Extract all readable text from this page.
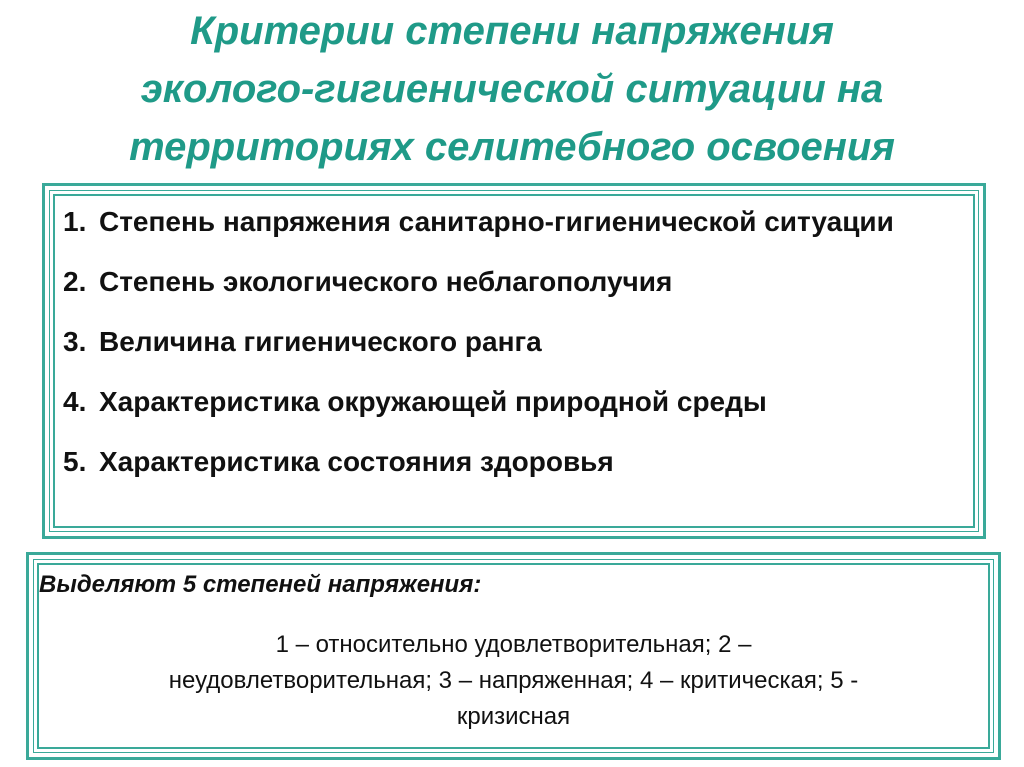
Критерии степени напряжения
эколого-гигиенической ситуации на
территориях селитебного освоения
1. Степень напряжения санитарно-гигиенической ситуации
2. Степень экологического неблагополучия
3. Величина гигиенического ранга
4. Характеристика окружающей природной среды
5. Характеристика состояния здоровья

Выделяют 5 степеней напряжения:

1 – относительно удовлетворительная; 2 –
неудовлетворительная; 3 – напряженная; 4 – критическая; 5 -
кризисная
